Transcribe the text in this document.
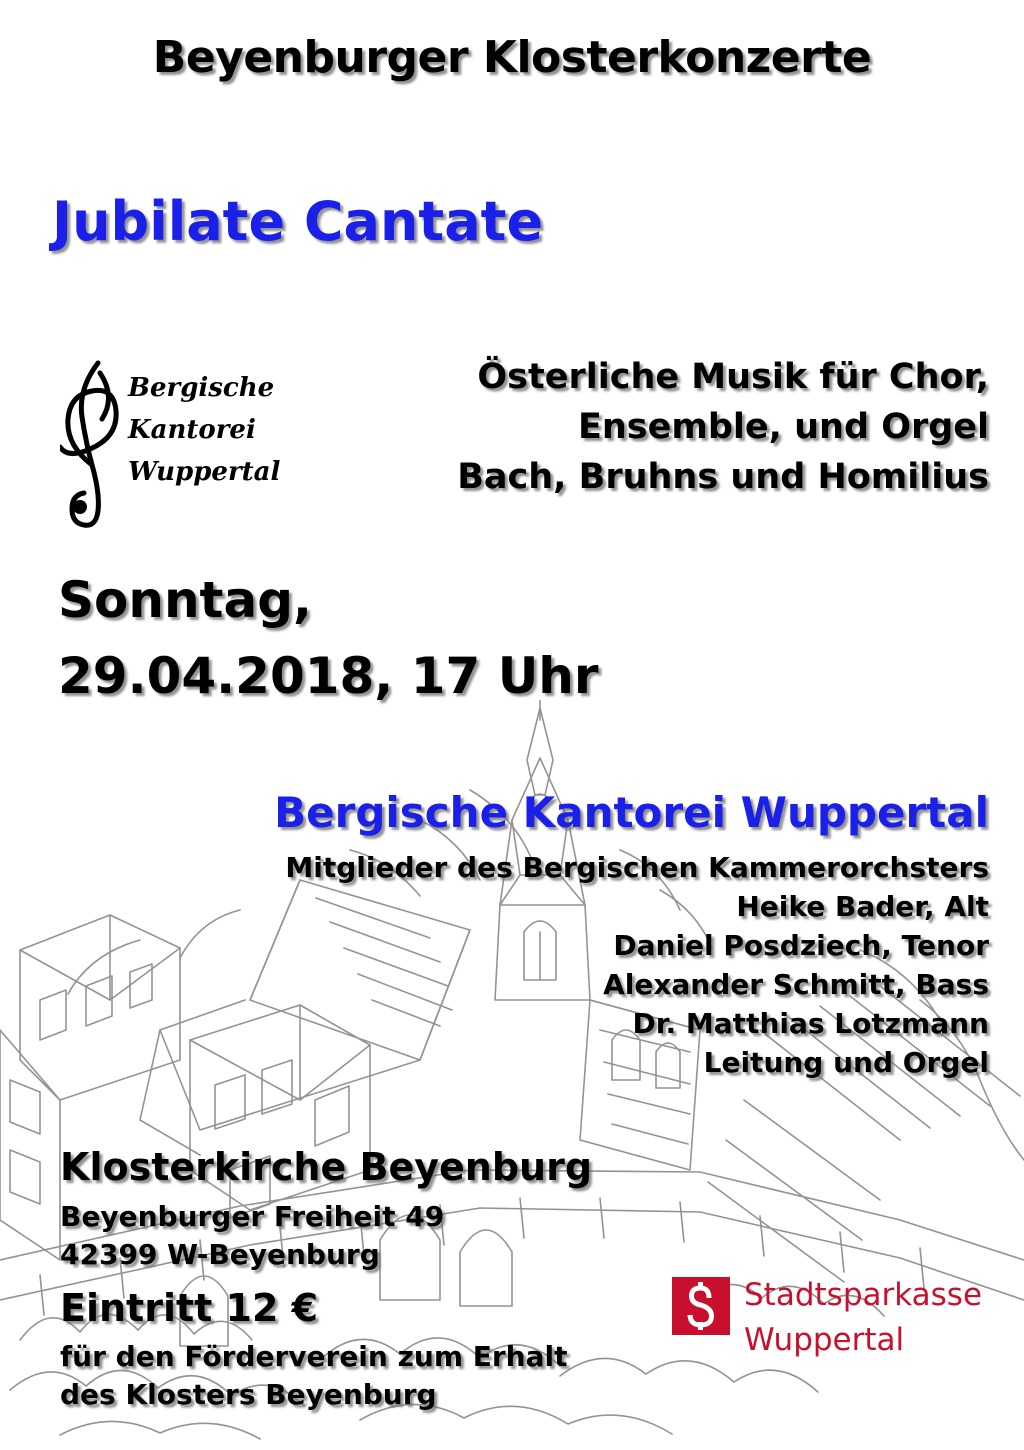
Beyenburger Klosterkonzerte
Jubilate Cantate
Bergische
Kantorei
Wuppertal
Österliche Musik für Chor,
Ensemble, und Orgel
Bach, Bruhns und Homilius
Sonntag,
29.04.2018, 17 Uhr
Bergische Kantorei Wuppertal
Mitglieder des Bergischen Kammerorchsters
Heike Bader, Alt
Daniel Posdziech, Tenor
Alexander Schmitt, Bass
Dr. Matthias Lotzmann
Leitung und Orgel
Klosterkirche Beyenburg
Beyenburger Freiheit 49
42399 W-Beyenburg
Eintritt 12 €
für den Förderverein zum Erhalt
des Klosters Beyenburg
Stadtsparkasse
Wuppertal
